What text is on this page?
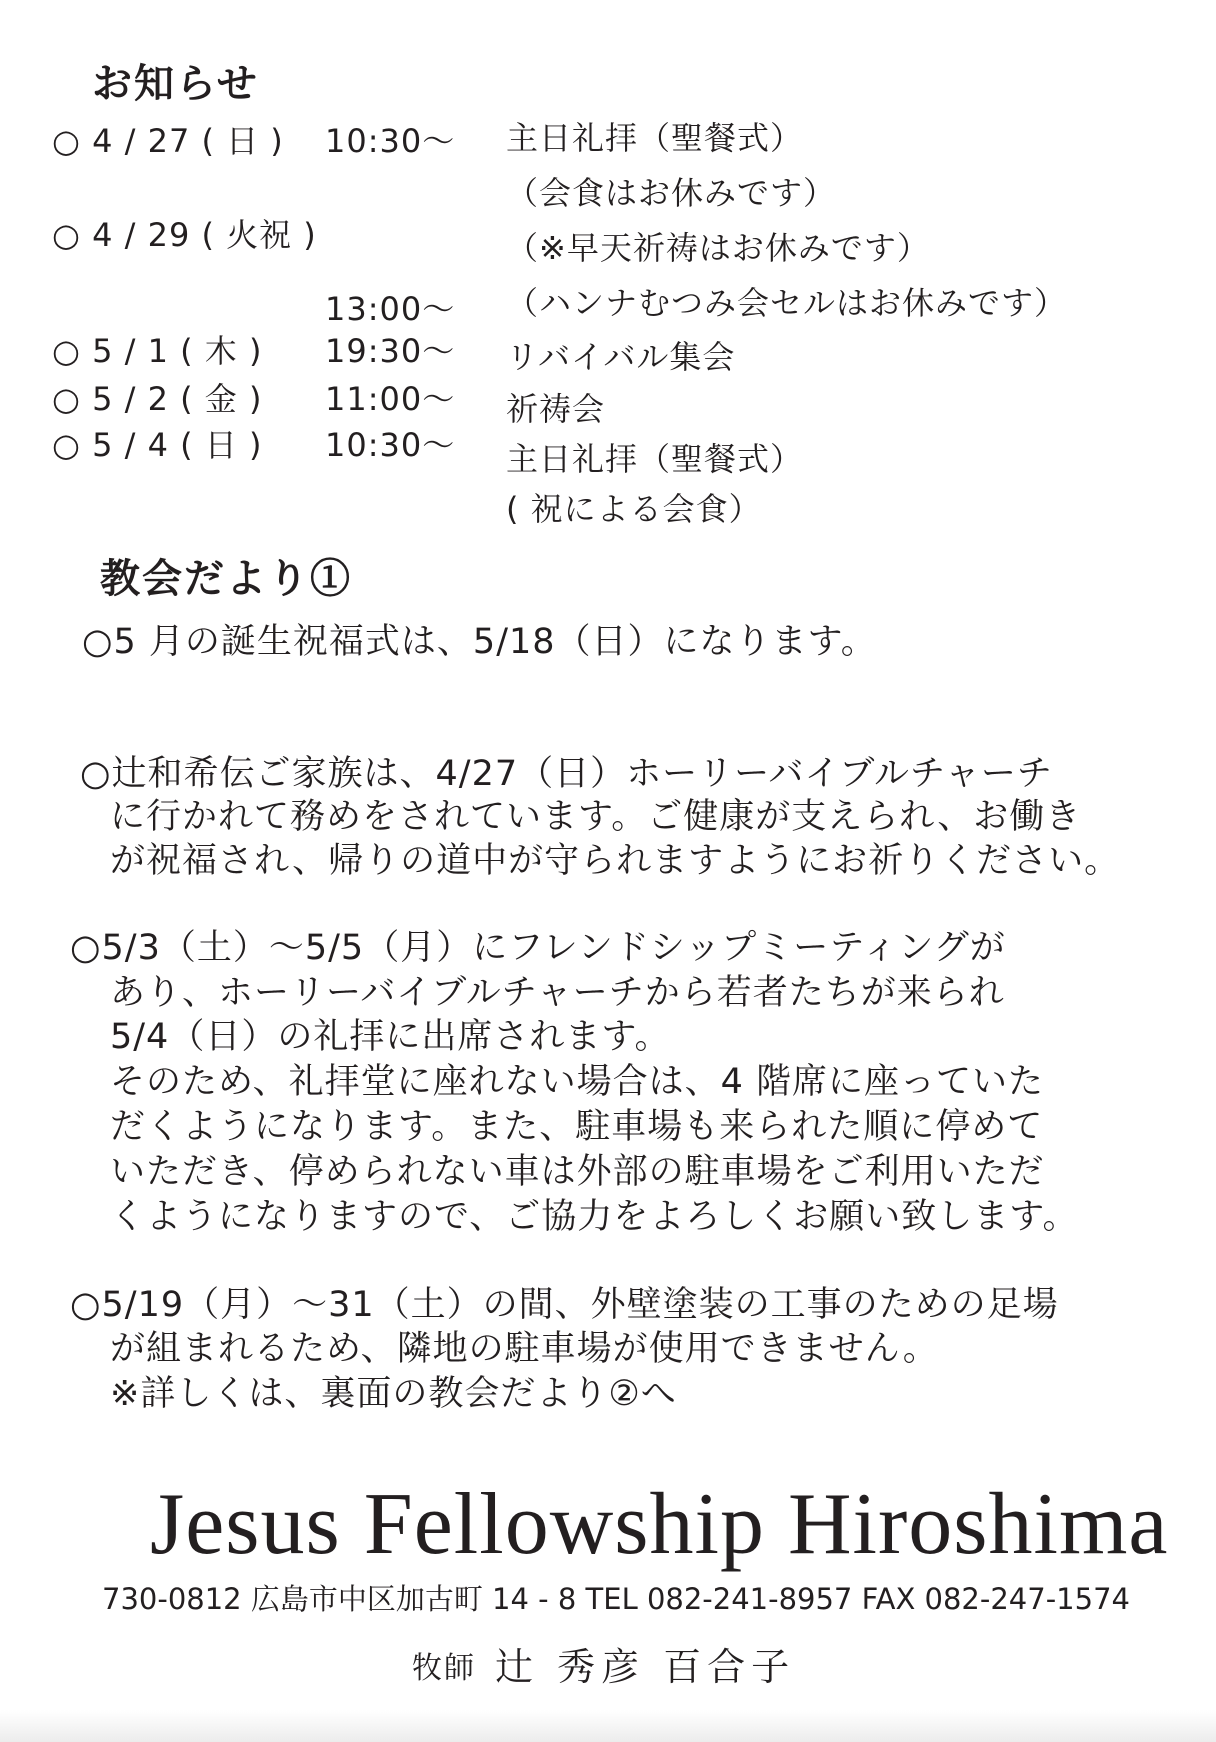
お知らせ
○ 4 / 27 ( 日 ) 10:30～ 主日礼拝（聖餐式）
（会食はお休みです）
○ 4 / 29 ( 火祝 )	（※早天祈祷はお休みです）
13:00～ （ハンナむつみ会セルはお休みです）
○ 5 / 1 ( 木 ) 19:30～ リバイバル集会
○ 5 / 2 ( 金 ) 11:00～ 祈祷会
○ 5 / 4 ( 日 ) 10:30～ 主日礼拝（聖餐式）
( 祝による会食）
教会だより①
○5 月の誕生祝福式は、5/18（日）になります。
○辻和希伝ご家族は、4/27（日）ホーリーバイブルチャーチ
に行かれて務めをされています。ご健康が支えられ、お働き
が祝福され、帰りの道中が守られますようにお祈りください。
○5/3（土）～5/5（月）にフレンドシップミーティングが
あり、ホーリーバイブルチャーチから若者たちが来られ
5/4（日）の礼拝に出席されます。
そのため、礼拝堂に座れない場合は、4 階席に座っていた
だくようになります。また、駐車場も来られた順に停めて
いただき、停められない車は外部の駐車場をご利用いただ
くようになりますので、ご協力をよろしくお願い致します。
○5/19（月）～31（土）の間、外壁塗装の工事のための足場
が組まれるため、隣地の駐車場が使用できません。
※詳しくは、裏面の教会だより②へ
Jesus Fellowship Hiroshima
730-0812 広島市中区加古町 14 - 8 TEL 082-241-8957 FAX 082-247-1574
牧師 辻 秀彦 百合子
